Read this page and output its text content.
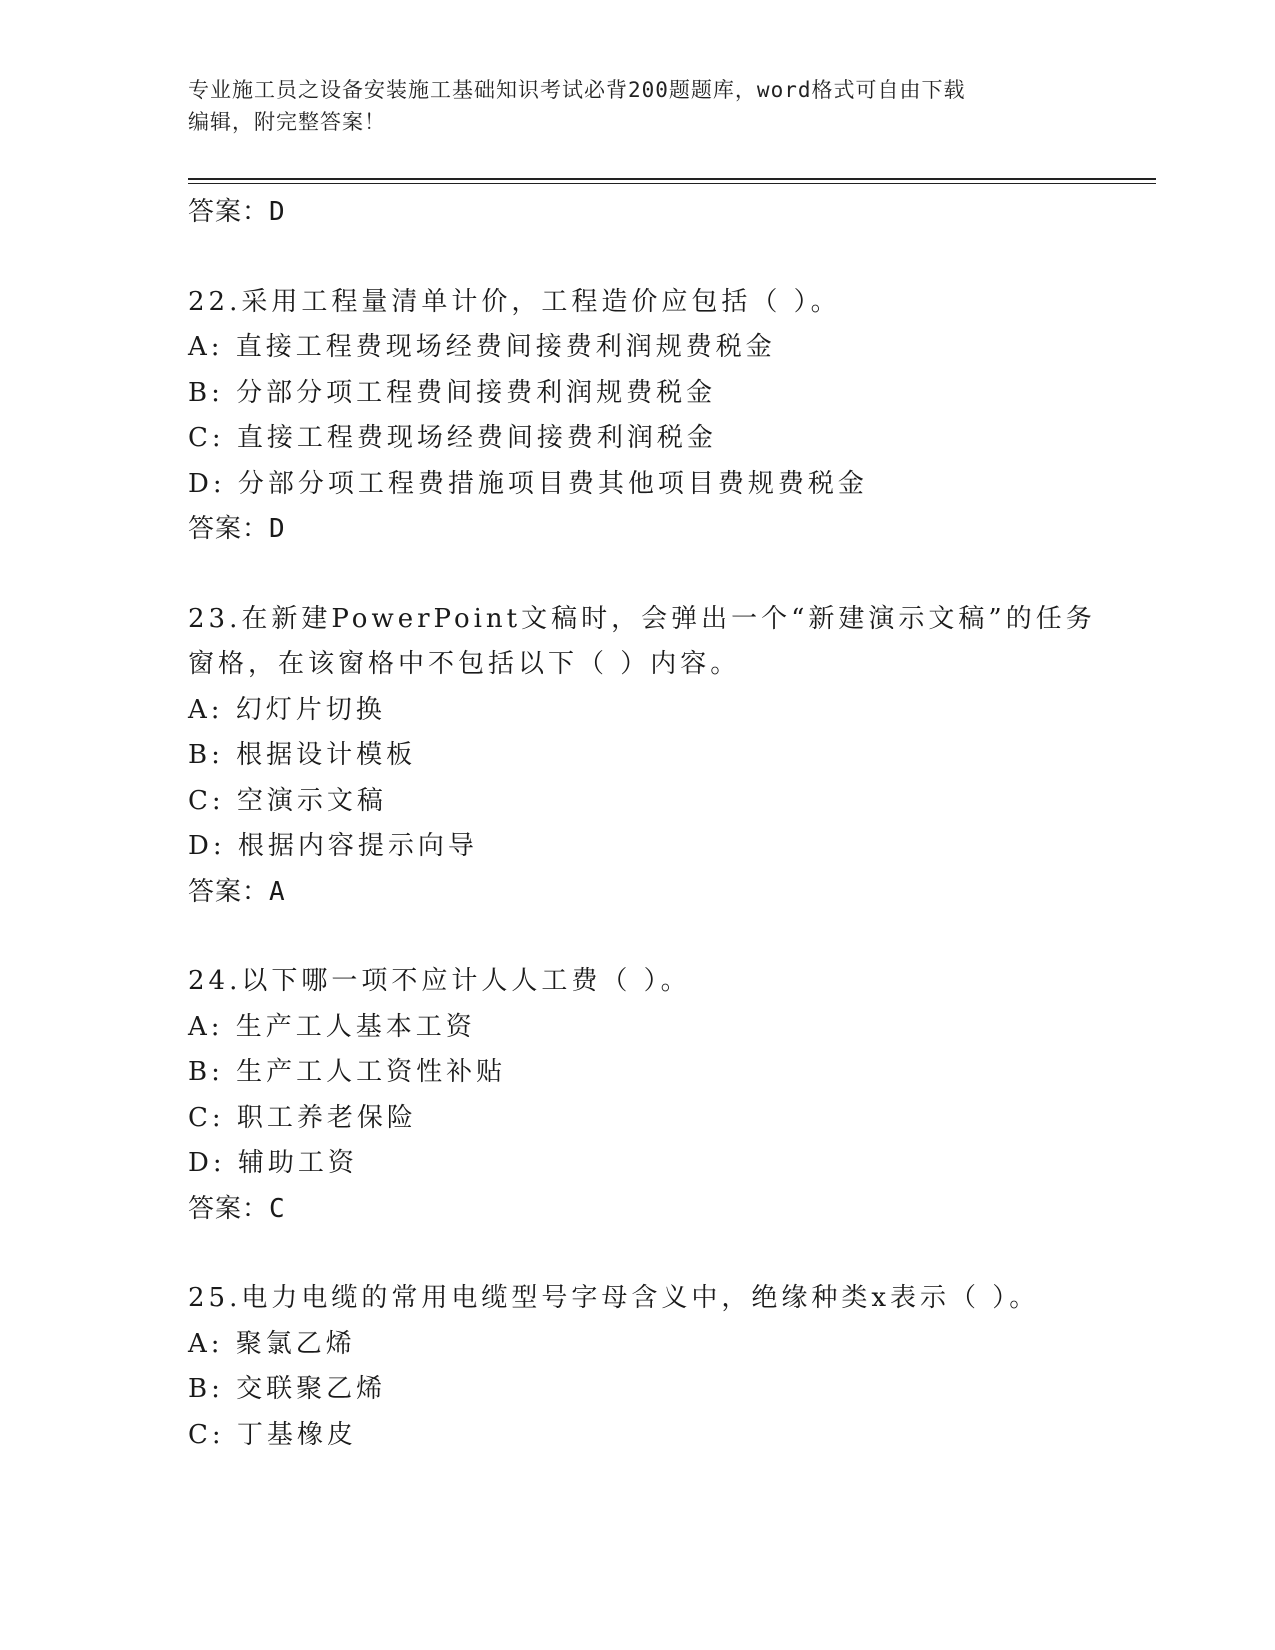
专业施工员之设备安装施工基础知识考试必背200题题库，word格式可自由下载
编辑，附完整答案！
答案：D
22.采用工程量清单计价，工程造价应包括（ ）。
A: 直接工程费现场经费间接费利润规费税金
B: 分部分项工程费间接费利润规费税金
C: 直接工程费现场经费间接费利润税金
D: 分部分项工程费措施项目费其他项目费规费税金
答案：D
23.在新建PowerPoint文稿时，会弹出一个“新建演示文稿”的任务
窗格，在该窗格中不包括以下（ ）内容。
A: 幻灯片切换
B: 根据设计模板
C: 空演示文稿
D: 根据内容提示向导
答案：A
24.以下哪一项不应计人人工费（ ）。
A: 生产工人基本工资
B: 生产工人工资性补贴
C: 职工养老保险
D: 辅助工资
答案：C
25.电力电缆的常用电缆型号字母含义中，绝缘种类x表示（ ）。
A: 聚氯乙烯
B: 交联聚乙烯
C: 丁基橡皮
